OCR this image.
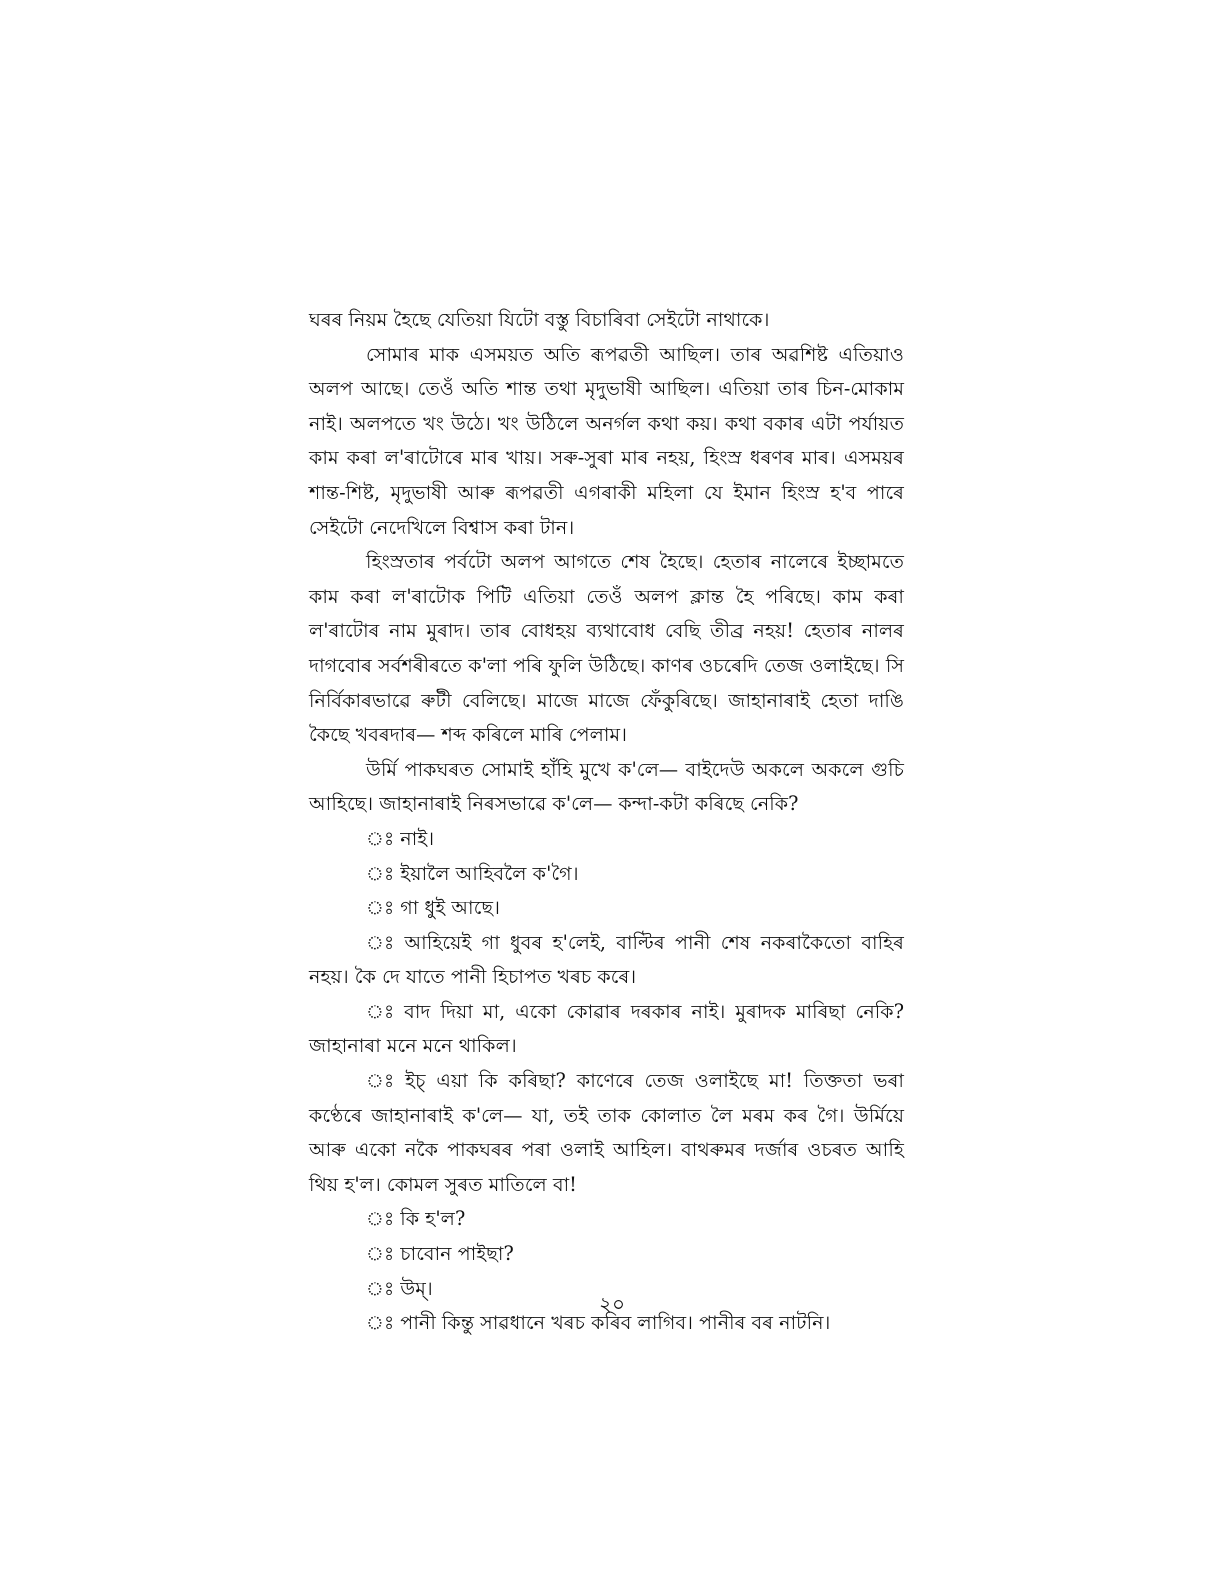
ঘৰৰ নিয়ম হৈছে যেতিয়া যিটো বস্তু বিচাৰিবা সেইটো নাথাকে।

সোমাৰ মাক এসময়ত অতি ৰূপৱতী আছিল। তাৰ অৱশিষ্ট এতিয়াও অলপ আছে। তেওঁ অতি শান্ত তথা মৃদুভাষী আছিল। এতিয়া তাৰ চিন-মোকাম নাই। অলপতে খং উঠে। খং উঠিলে অনৰ্গল কথা কয়। কথা বকাৰ এটা পৰ্যায়ত কাম কৰা ল'ৰাটোৰে মাৰ খায়। সৰু-সুৰা মাৰ নহয়, হিংস্ৰ ধৰণৰ মাৰ। এসময়ৰ শান্ত-শিষ্ট, মৃদুভাষী আৰু ৰূপৱতী এগৰাকী মহিলা যে ইমান হিংস্ৰ হ'ব পাৰে সেইটো নেদেখিলে বিশ্বাস কৰা টান।

হিংস্ৰতাৰ পৰ্বটো অলপ আগতে শেষ হৈছে। হেতাৰ নালেৰে ইচ্ছামতে কাম কৰা ল'ৰাটোক পিটি এতিয়া তেওঁ অলপ ক্লান্ত হৈ পৰিছে। কাম কৰা ল'ৰাটোৰ নাম মুৰাদ। তাৰ বোধহয় ব্যথাবোধ বেছি তীব্ৰ নহয়! হেতাৰ নালৰ দাগবোৰ সৰ্বশৰীৰতে ক'লা পৰি ফুলি উঠিছে। কাণৰ ওচৰেদি তেজ ওলাইছে। সি নিৰ্বিকাৰভাৱে ৰুটী বেলিছে। মাজে মাজে ফেঁকুৰিছে। জাহানাৰাই হেতা দাঙি কৈছে খবৰদাৰ— শব্দ কৰিলে মাৰি পেলাম।

উৰ্মি পাকঘৰত সোমাই হাঁহি মুখে ক'লে— বাইদেউ অকলে অকলে গুচি আহিছে। জাহানাৰাই নিৰসভাৱে ক'লে— কন্দা-কটা কৰিছে নেকি?

ঃ নাই।

ঃ ইয়ালৈ আহিবলৈ ক'গৈ।

ঃ গা ধুই আছে।

ঃ আহিয়েই গা ধুবৰ হ'লেই, বাল্টিৰ পানী শেষ নকৰাকৈতো বাহিৰ নহয়। কৈ দে যাতে পানী হিচাপত খৰচ কৰে।

ঃ বাদ দিয়া মা, একো কোৱাৰ দৰকাৰ নাই। মুৰাদক মাৰিছা নেকি? জাহানাৰা মনে মনে থাকিল।

ঃ ইচ্ এয়া কি কৰিছা? কাণেৰে তেজ ওলাইছে মা! তিক্ততা ভৰা কণ্ঠেৰে জাহানাৰাই ক'লে— যা, তই তাক কোলাত লৈ মৰম কৰ গৈ। উৰ্মিয়ে আৰু একো নকৈ পাকঘৰৰ পৰা ওলাই আহিল। বাথৰুমৰ দৰ্জাৰ ওচৰত আহি থিয় হ'ল। কোমল সুৰত মাতিলে বা!

ঃ কি হ'ল?

ঃ চাবোন পাইছা?

ঃ উম্।

ঃ পানী কিন্তু সাৱধানে খৰচ কৰিব লাগিব। পানীৰ বৰ নাটনি।

২০
